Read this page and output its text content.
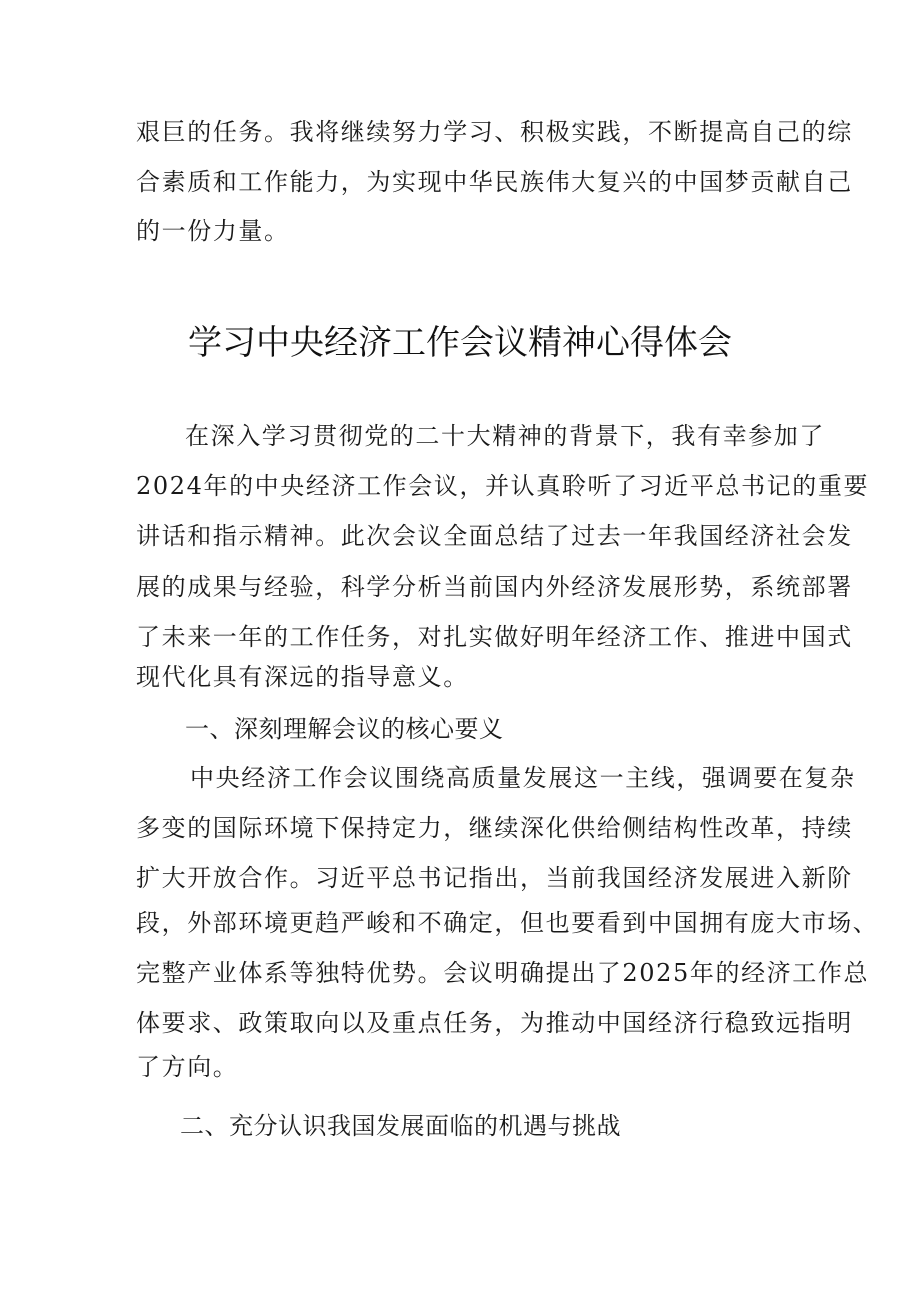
艰巨的任务。我将继续努力学习、积极实践，不断提高自己的综
合素质和工作能力，为实现中华民族伟大复兴的中国梦贡献自己
的一份力量。
学习中央经济工作会议精神心得体会
在深入学习贯彻党的二十大精神的背景下，我有幸参加了
2024年的中央经济工作会议，并认真聆听了习近平总书记的重要
讲话和指示精神。此次会议全面总结了过去一年我国经济社会发
展的成果与经验，科学分析当前国内外经济发展形势，系统部署
了未来一年的工作任务，对扎实做好明年经济工作、推进中国式
现代化具有深远的指导意义。
一、深刻理解会议的核心要义
中央经济工作会议围绕高质量发展这一主线，强调要在复杂
多变的国际环境下保持定力，继续深化供给侧结构性改革，持续
扩大开放合作。习近平总书记指出，当前我国经济发展进入新阶
段，外部环境更趋严峻和不确定，但也要看到中国拥有庞大市场、
完整产业体系等独特优势。会议明确提出了2025年的经济工作总
体要求、政策取向以及重点任务，为推动中国经济行稳致远指明
了方向。
二、充分认识我国发展面临的机遇与挑战
